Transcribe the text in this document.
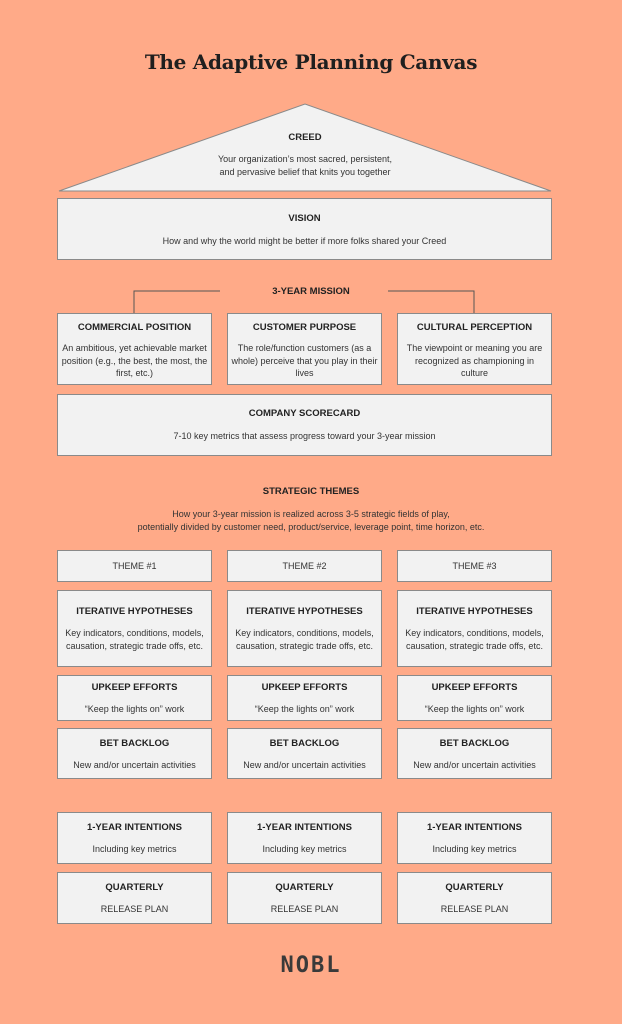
The Adaptive Planning Canvas
CREED
Your organization’s most sacred, persistent,
and pervasive belief that knits you together
VISION
How and why the world might be better if more folks shared your Creed
3-YEAR MISSION
COMMERCIAL POSITION
An ambitious, yet achievable market
position (e.g., the best, the most, the
first, etc.)
CUSTOMER PURPOSE
The role/function customers (as a
whole) perceive that you play in their
lives
CULTURAL PERCEPTION
The viewpoint or meaning you are
recognized as championing in
culture
COMPANY SCORECARD
7-10 key metrics that assess progress toward your 3-year mission
STRATEGIC THEMES
How your 3-year mission is realized across 3-5 strategic fields of play,
potentially divided by customer need, product/service, leverage point, time horizon, etc.
THEME #1
ITERATIVE HYPOTHESES
Key indicators, conditions, models,
causation, strategic trade offs, etc.
UPKEEP EFFORTS
“Keep the lights on” work
BET BACKLOG
New and/or uncertain activities
1-YEAR INTENTIONS
Including key metrics
QUARTERLY
RELEASE PLAN
THEME #2
ITERATIVE HYPOTHESES
Key indicators, conditions, models,
causation, strategic trade offs, etc.
UPKEEP EFFORTS
“Keep the lights on” work
BET BACKLOG
New and/or uncertain activities
1-YEAR INTENTIONS
Including key metrics
QUARTERLY
RELEASE PLAN
THEME #3
ITERATIVE HYPOTHESES
Key indicators, conditions, models,
causation, strategic trade offs, etc.
UPKEEP EFFORTS
“Keep the lights on” work
BET BACKLOG
New and/or uncertain activities
1-YEAR INTENTIONS
Including key metrics
QUARTERLY
RELEASE PLAN
NOBL
